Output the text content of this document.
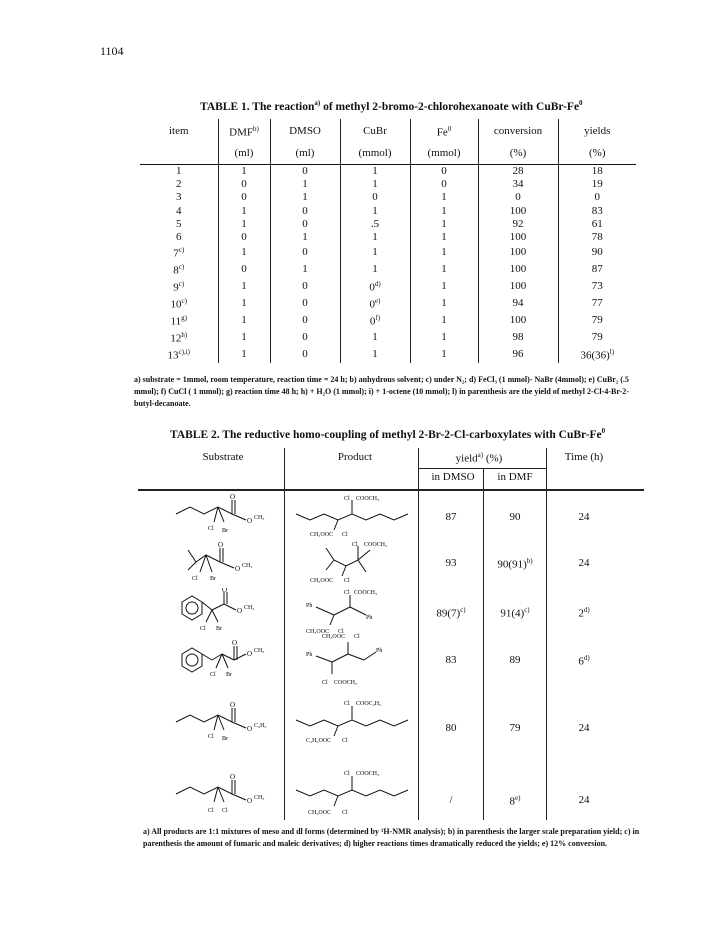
1104
TABLE 1. The reaction$^{a)}$ of methyl 2-bromo-2-chlorohexanoate with CuBr-Fe$^0$
item	DMF$^{b)}$	DMSO	CuBr	Fe$^0$	conversion	yields
	(ml)	(ml)	(mmol)	(mmol)	(%)	(%)
1	1	0	1	0	28	18
2	0	1	1	0	34	19
3	0	1	0	1	0	0
4	1	0	1	1	100	83
5	1	0	.5	1	92	61
6	0	1	1	1	100	78
7$^{c)}$	1	0	1	1	100	90
8$^{c)}$	0	1	1	1	100	87
9$^{c)}$	1	0	0$^{d)}$	1	100	73
10$^{c)}$	1	0	0$^{e)}$	1	94	77
11$^{g)}$	1	0	0$^{f)}$	1	100	79
12$^{h)}$	1	0	1	1	98	79
$13^{c),i)}$	1	0	1	1	96	$36(36)^{l)}$
a) substrate = 1mmol, room temperature, reaction time = 24 h; b) anhydrous solvent; c) under N₂; d) FeCl₃ (1 mmol)- NaBr (4mmol); e) CuBr₂ (.5 mmol); f) CuCl ( 1 mmol); g) reaction time 48 h; h) + H₂O (1 mmol); i) + 1-octene (10 mmol); l) in parenthesis are the yield of methyl 2-Cl-4-Br-2-butyl-decanoate.
TABLE 2. The reductive homo-coupling of methyl 2-Br-2-Cl-carboxylates with CuBr-Fe$^0$
Substrate	Product	yield$^{a)}$ (%)
in DMSO	in DMF
Time (h)
87	90	24
93	$90(91)^{b)}$	24
$89(7)^{c)}$	$91(4)^{c)}$	2$^{d)}$
83	89	6$^{d)}$
80	79	24
/	8$^{e)}$	24
O
O CH₃
Cl Br
Cl COOCH₃
CH₃OOC Cl
O
O CH₃
Cl Br
Cl COOCH₃
CH₃OOC Cl
O
O CH₃
Cl Br
Ph
Ph
Cl COOCH₃
CH₃OOC Cl
O
O CH₃
Cl Br
CH₃OOC Cl
Ph
Ph
Cl COOCH₃
O
O C₂H₅
Cl Br
Cl COOC₂H₅
C₂H₅OOC Cl
O
O CH₃
Cl Cl
Cl COOCH₃
CH₃OOC Cl
a) All products are 1:1 mixtures of meso and dl forms (determined by ¹H-NMR analysis); b) in parenthesis the larger scale preparation yield; c) in parenthesis the amount of fumaric and maleic derivatives; d) higher reactions times dramatically reduced the yields; e) 12% conversion.
